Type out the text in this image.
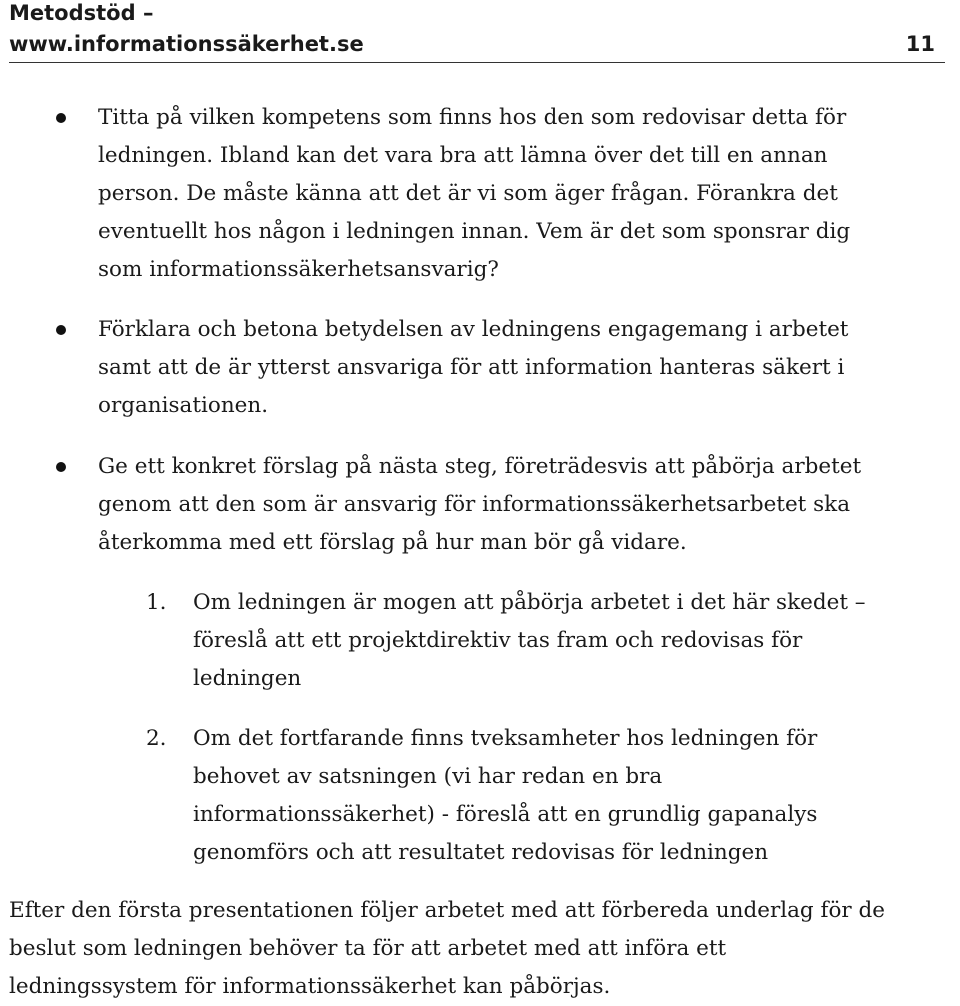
Metodstöd –
www.informationssäkerhet.se	11
Titta på vilken kompetens som finns hos den som redovisar detta för
ledningen. Ibland kan det vara bra att lämna över det till en annan
person. De måste känna att det är vi som äger frågan. Förankra det
eventuellt hos någon i ledningen innan. Vem är det som sponsrar dig
som informationssäkerhetsansvarig?
Förklara och betona betydelsen av ledningens engagemang i arbetet
samt att de är ytterst ansvariga för att information hanteras säkert i
organisationen.
Ge ett konkret förslag på nästa steg, företrädesvis att påbörja arbetet
genom att den som är ansvarig för informationssäkerhetsarbetet ska
återkomma med ett förslag på hur man bör gå vidare.
1. Om ledningen är mogen att påbörja arbetet i det här skedet –
föreslå att ett projektdirektiv tas fram och redovisas för
ledningen
2. Om det fortfarande finns tveksamheter hos ledningen för
behovet av satsningen (vi har redan en bra
informationssäkerhet) - föreslå att en grundlig gapanalys
genomförs och att resultatet redovisas för ledningen
Efter den första presentationen följer arbetet med att förbereda underlag för de
beslut som ledningen behöver ta för att arbetet med att införa ett
ledningssystem för informationssäkerhet kan påbörjas.
